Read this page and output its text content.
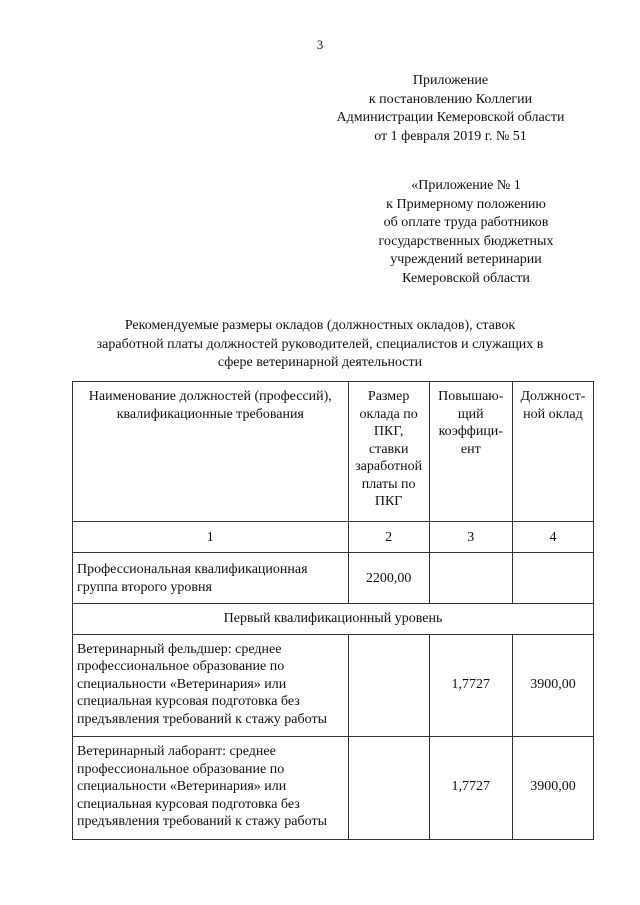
3
Приложение
к постановлению Коллегии
Администрации Кемеровской области
от 1 февраля 2019 г. № 51
«Приложение № 1
к Примерному положению
об оплате труда работников
государственных бюджетных
учреждений ветеринарии
Кемеровской области
Рекомендуемые размеры окладов (должностных окладов), ставок
заработной платы должностей руководителей, специалистов и служащих в
сфере ветеринарной деятельности
Наименование должностей (профессий), квалификационные требования	Размер оклада по ПКГ, ставки заработной платы по ПКГ	Повышаю-щий коэффици-ент	Должност-ной оклад
1	2	3	4
Профессиональная квалификационная группа второго уровня	2200,00		
Первый квалификационный уровень			
Ветеринарный фельдшер: среднее профессиональное образование по специальности «Ветеринария» или специальная курсовая подготовка без предъявления требований к стажу работы		1,7727	3900,00
Ветеринарный лаборант: среднее профессиональное образование по специальности «Ветеринария» или специальная курсовая подготовка без предъявления требований к стажу работы		1,7727	3900,00
